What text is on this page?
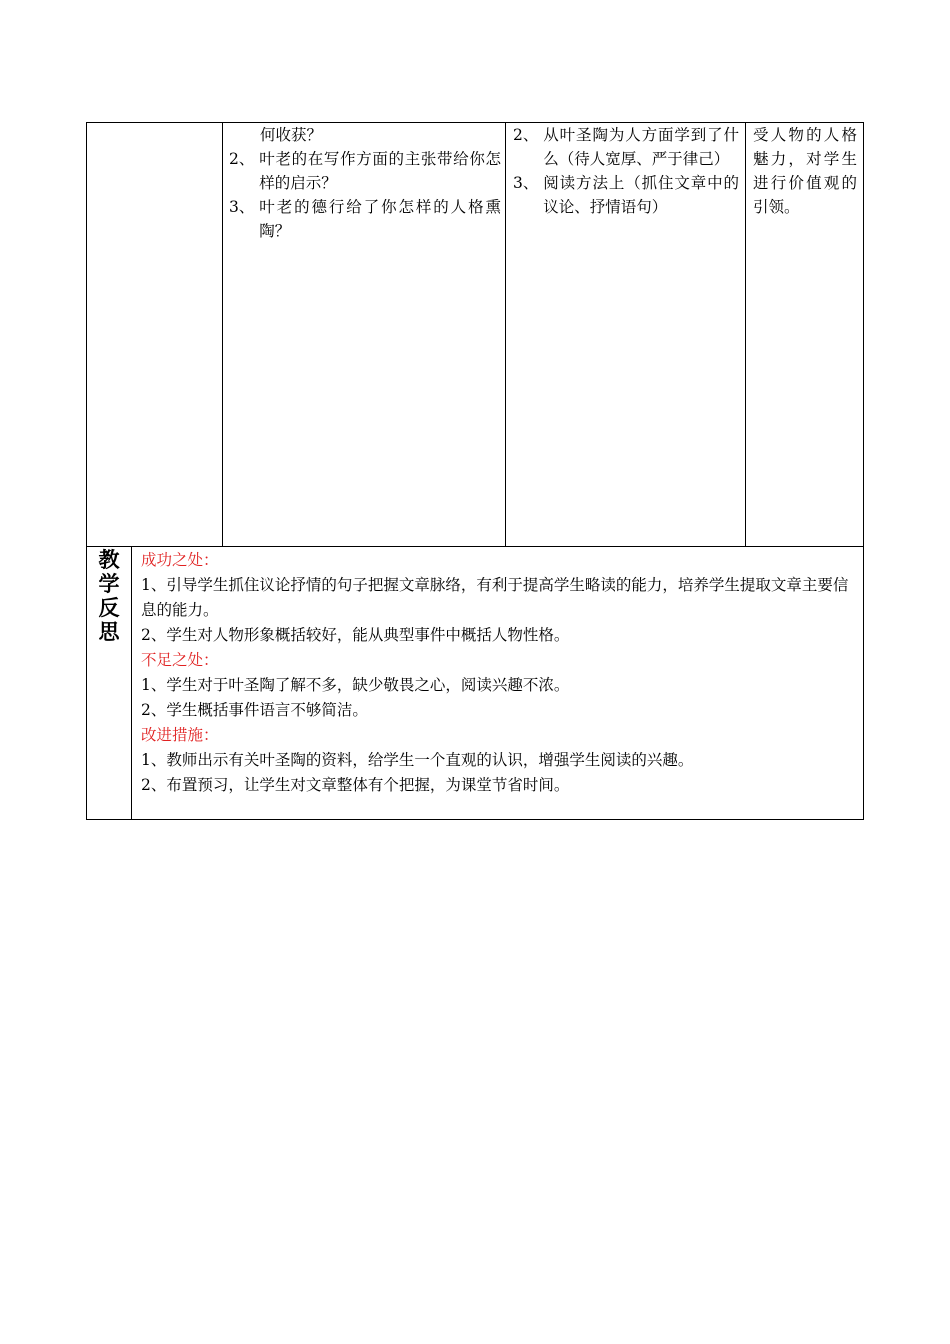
何收获？
2、 叶老的在写作方面的主张带给你怎样的启示？
3、 叶老的德行给了你怎样的人格熏陶？
2、 从叶圣陶为人方面学到了什么（待人宽厚、严于律己）
3、 阅读方法上（抓住文章中的议论、抒情语句）
受人物的人格魅力，对学生进行价值观的引领。
教
学
反
思

成功之处：

1、引导学生抓住议论抒情的句子把握文章脉络，有利于提高学生略读的能力，培养学生提取文章主要信息的能力。

2、学生对人物形象概括较好，能从典型事件中概括人物性格。

不足之处：

1、学生对于叶圣陶了解不多，缺少敬畏之心，阅读兴趣不浓。

2、学生概括事件语言不够简洁。

改进措施：

1、教师出示有关叶圣陶的资料，给学生一个直观的认识，增强学生阅读的兴趣。

2、布置预习，让学生对文章整体有个把握，为课堂节省时间。
